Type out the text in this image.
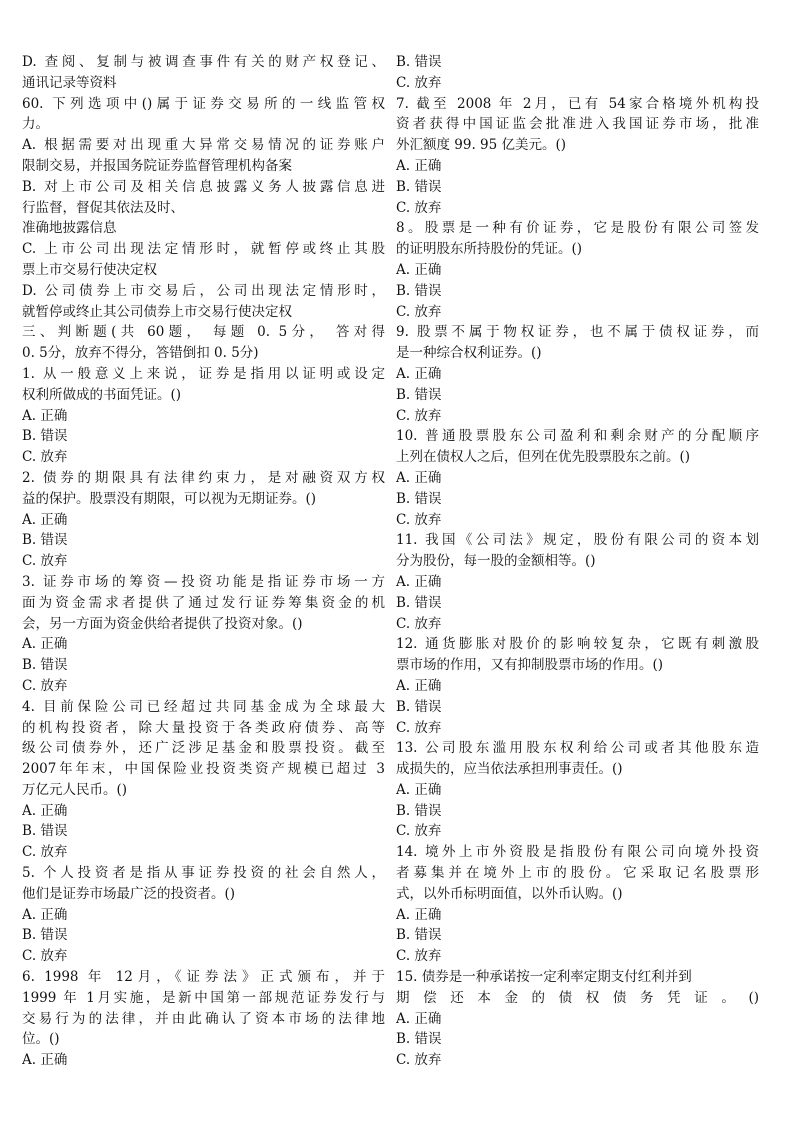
D. 查阅、复制与被调查事件有关的财产权登记、
通讯记录等资料
60. 下列选项中()属于证券交易所的一线监管权
力。
A. 根据需要对出现重大异常交易情况的证券账户
限制交易，并报国务院证券监督管理机构备案
B. 对上市公司及相关信息披露义务人披露信息进
行监督，督促其依法及时、
准确地披露信息
C. 上市公司出现法定情形时，就暂停或终止其股
票上市交易行使决定权
D. 公司债券上市交易后，公司出现法定情形时，
就暂停或终止其公司债券上市交易行使决定权
三、判断题(共 60题， 每题 0. 5分， 答对得
0. 5分，放弃不得分，答错倒扣 0. 5分)
1. 从一般意义上来说，证券是指用以证明或设定
权利所做成的书面凭证。()
A. 正确
B. 错误
C. 放弃
2. 债券的期限具有法律约束力，是对融资双方权
益的保护。股票没有期限，可以视为无期证券。()
A. 正确
B. 错误
C. 放弃
3. 证券市场的筹资—投资功能是指证券市场一方
面为资金需求者提供了通过发行证券筹集资金的机
会，另一方面为资金供给者提供了投资对象。()
A. 正确
B. 错误
C. 放弃
4. 目前保险公司已经超过共同基金成为全球最大
的机构投资者，除大量投资于各类政府债券、高等
级公司债券外，还广泛涉足基金和股票投资。截至
2007年年末，中国保险业投资类资产规模已超过 3
万亿元人民币。()
A. 正确
B. 错误
C. 放弃
5. 个人投资者是指从事证券投资的社会自然人，
他们是证券市场最广泛的投资者。()
A. 正确
B. 错误
C. 放弃
6. 1998 年 12月，《证券法》正式颁布，并于
1999 年 1月实施，是新中国第一部规范证券发行与
交易行为的法律，并由此确认了资本市场的法律地
位。()
A. 正确
B. 错误
C. 放弃
7. 截至 2008 年 2月，已有 54家合格境外机构投
资者获得中国证监会批准进入我国证券市场，批准
外汇额度 99. 95 亿美元。()
A. 正确
B. 错误
C. 放弃
8。股票是一种有价证券，它是股份有限公司签发
的证明股东所持股份的凭证。()
A. 正确
B. 错误
C. 放弃
9. 股票不属于物权证券，也不属于债权证券，而
是一种综合权利证券。()
A. 正确
B. 错误
C. 放弃
10. 普通股票股东公司盈利和剩余财产的分配顺序
上列在债权人之后，但列在优先股票股东之前。()
A. 正确
B. 错误
C. 放弃
11. 我国《公司法》规定，股份有限公司的资本划
分为股份，每一股的金额相等。()
A. 正确
B. 错误
C. 放弃
12. 通货膨胀对股价的影响较复杂，它既有刺激股
票市场的作用，又有抑制股票市场的作用。()
A. 正确
B. 错误
C. 放弃
13. 公司股东滥用股东权利给公司或者其他股东造
成损失的，应当依法承担刑事责任。()
A. 正确
B. 错误
C. 放弃
14. 境外上市外资股是指股份有限公司向境外投资
者募集并在境外上市的股份。它采取记名股票形
式，以外币标明面值，以外币认购。()
A. 正确
B. 错误
C. 放弃
15. 债券是一种承诺按一定利率定期支付红利并到
期偿还本金的债权债务凭证。()
A. 正确
B. 错误
C. 放弃
